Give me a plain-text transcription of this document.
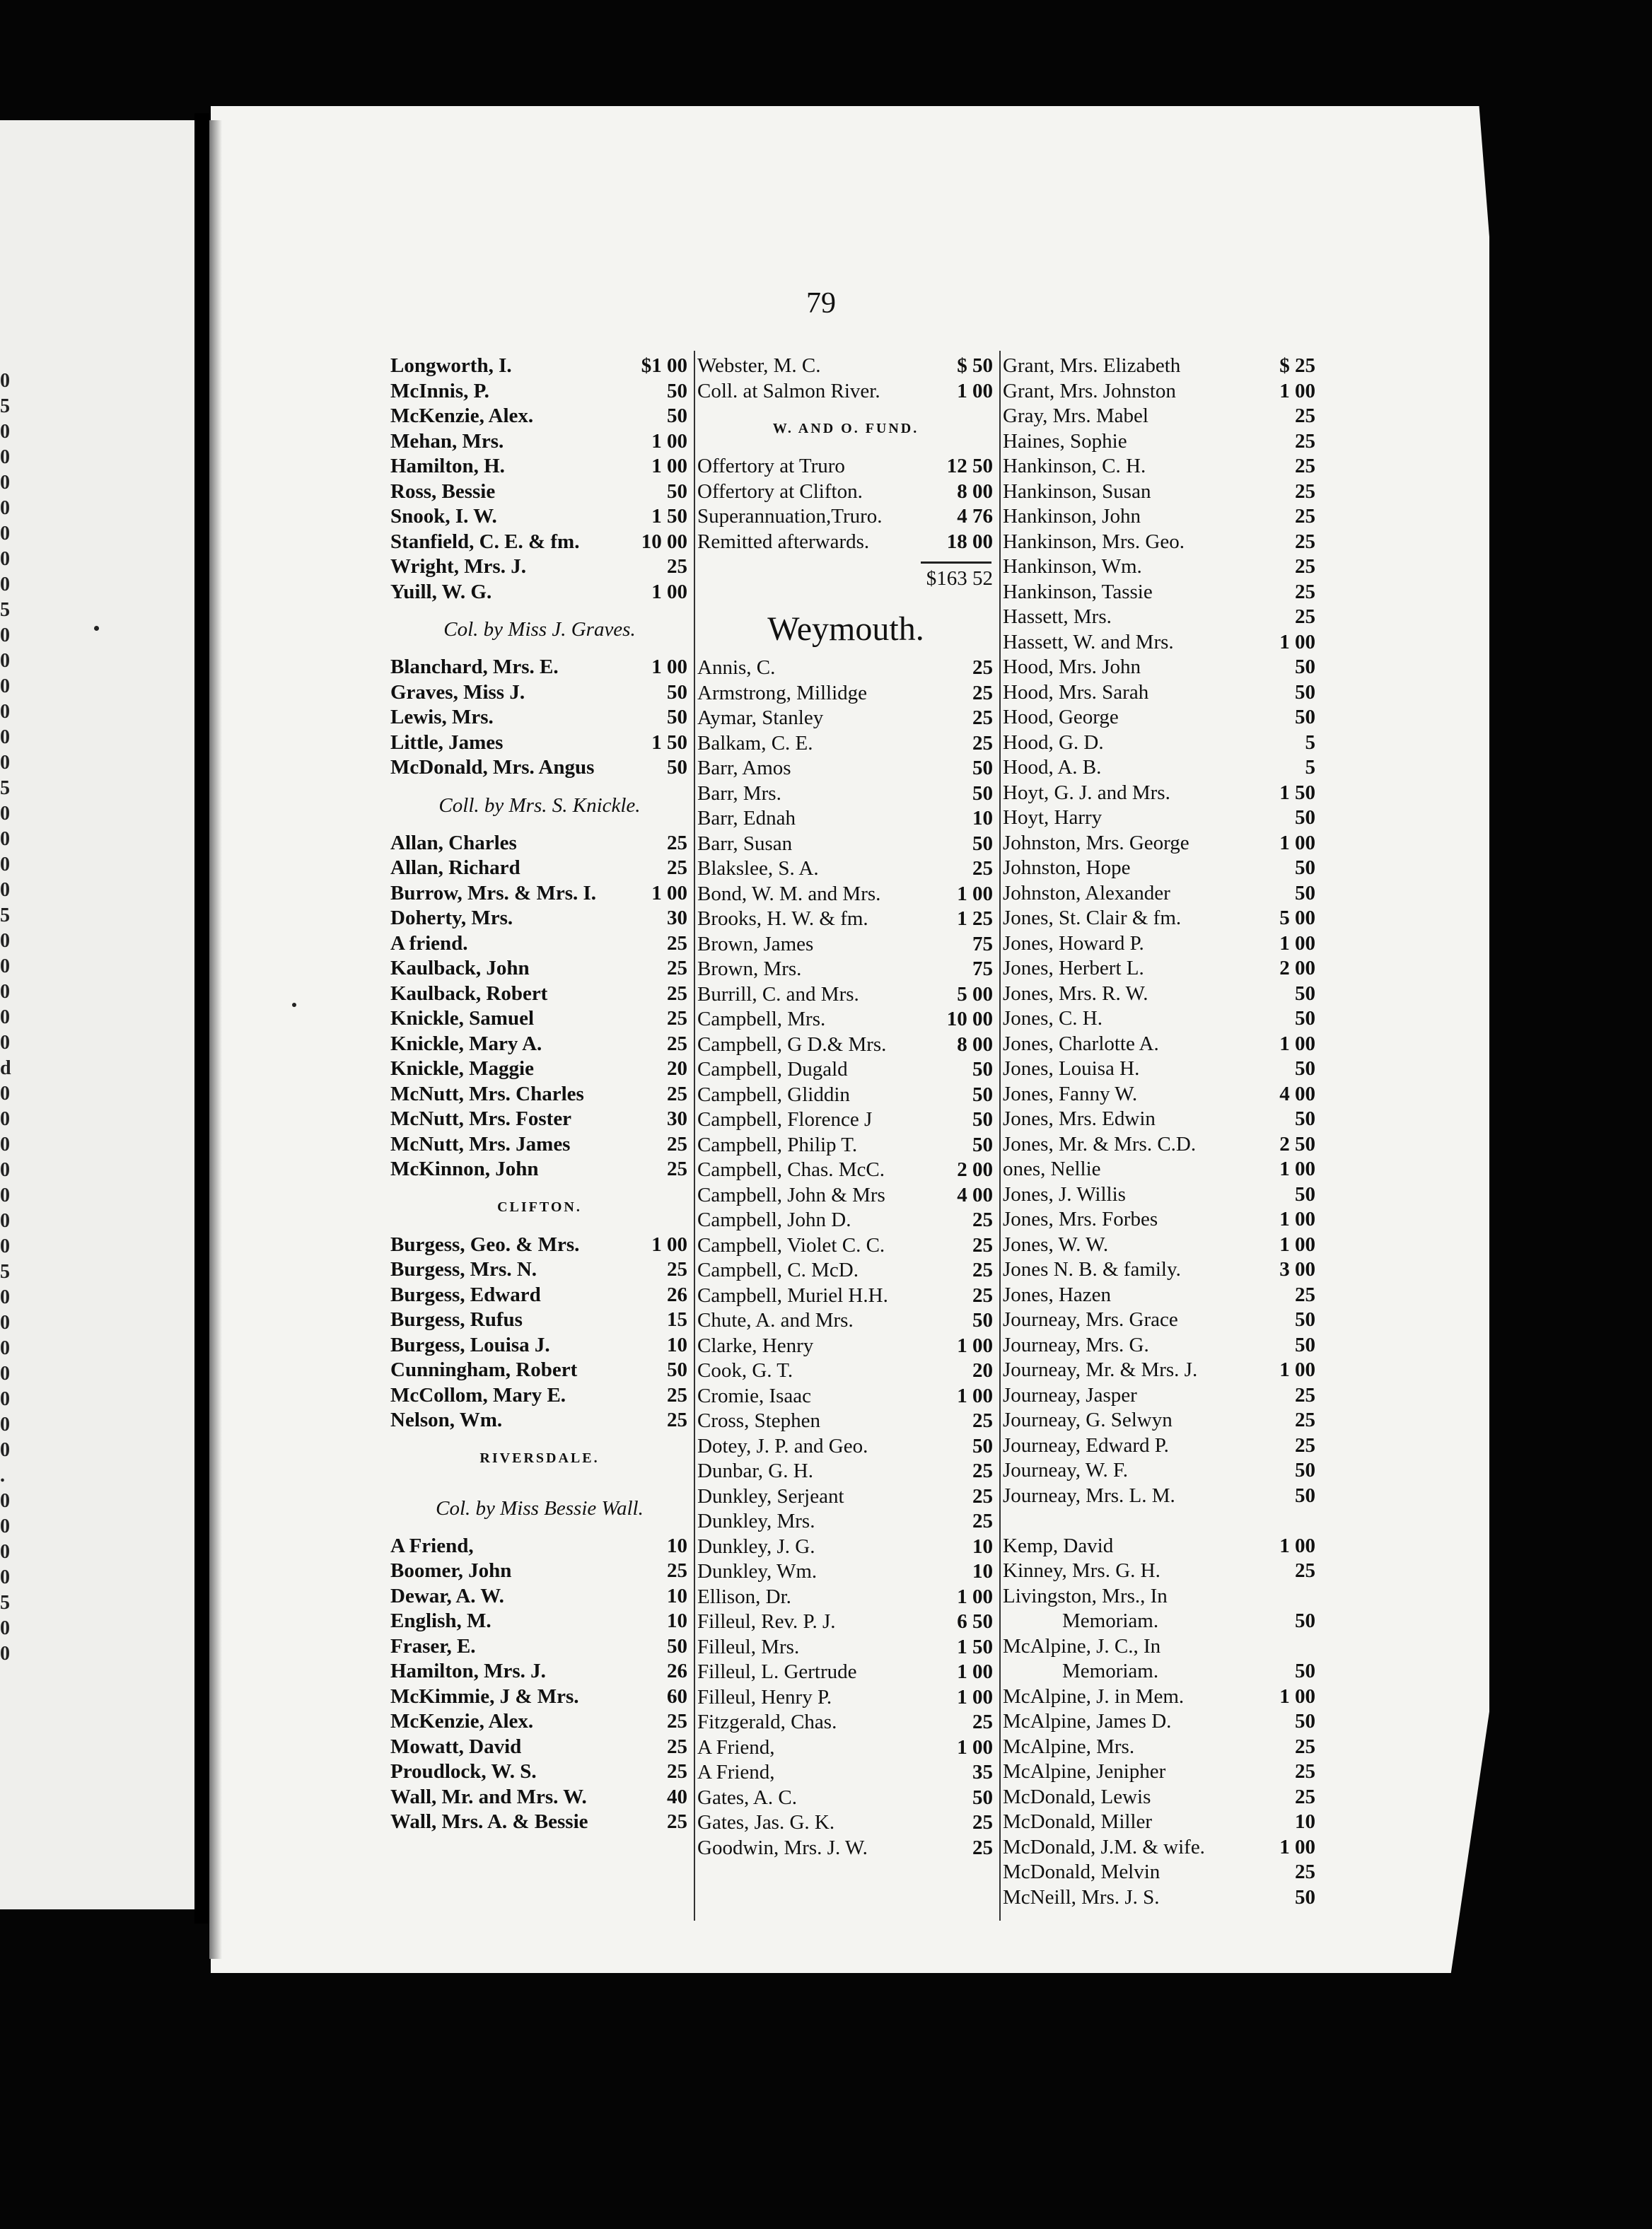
0
5
0
0
0
0
0
0
0
5
0
0
0
0
0
0
5
0
0
0
0
5
0
0
0
0
0
d
0
0
0
0
0
0
0
5
0
0
0
0
0
0
0
.
0
0
0
0
5
0
0
79
Longworth, I.	$1 00
McInnis, P.	50
McKenzie, Alex.	50
Mehan, Mrs.	1 00
Hamilton, H.	1 00
Ross, Bessie	50
Snook, I. W.	1 50
Stanfield, C. E. & fm.	10 00
Wright, Mrs. J.	25
Yuill, W. G.	1 00
Col. by Miss J. Graves.
Blanchard, Mrs. E.	1 00
Graves, Miss J.	50
Lewis, Mrs.	50
Little, James	1 50
McDonald, Mrs. Angus	50
Coll. by Mrs. S. Knickle.
Allan, Charles	25
Allan, Richard	25
Burrow, Mrs. & Mrs. I.	1 00
Doherty, Mrs.	30
A friend.	25
Kaulback, John	25
Kaulback, Robert	25
Knickle, Samuel	25
Knickle, Mary A.	25
Knickle, Maggie	20
McNutt, Mrs. Charles	25
McNutt, Mrs. Foster	30
McNutt, Mrs. James	25
McKinnon, John	25
CLIFTON.
Burgess, Geo. & Mrs.	1 00
Burgess, Mrs. N.	25
Burgess, Edward	26
Burgess, Rufus	15
Burgess, Louisa J.	10
Cunningham, Robert	50
McCollom, Mary E.	25
Nelson, Wm.	25
RIVERSDALE.
Col. by Miss Bessie Wall.
A Friend,	10
Boomer, John	25
Dewar, A. W.	10
English, M.	10
Fraser, E.	50
Hamilton, Mrs. J.	26
McKimmie, J & Mrs.	60
McKenzie, Alex.	25
Mowatt, David	25
Proudlock, W. S.	25
Wall, Mr. and Mrs. W.	40
Wall, Mrs. A. & Bessie	25
Webster, M. C.	$ 50
Coll. at Salmon River.	1 00
W. AND O. FUND.
Offertory at Truro	12 50
Offertory at Clifton.	8 00
Superannuation,Truro.	4 76
Remitted afterwards.	18 00
$163 52
Weymouth.
Annis, C.	25
Armstrong, Millidge	25
Aymar, Stanley	25
Balkam, C. E.	25
Barr, Amos	50
Barr, Mrs.	50
Barr, Ednah	10
Barr, Susan	50
Blakslee, S. A.	25
Bond, W. M. and Mrs.	1 00
Brooks, H. W. & fm.	1 25
Brown, James	75
Brown, Mrs.	75
Burrill, C. and Mrs.	5 00
Campbell, Mrs.	10 00
Campbell, G D.& Mrs.	8 00
Campbell, Dugald	50
Campbell, Gliddin	50
Campbell, Florence J	50
Campbell, Philip T.	50
Campbell, Chas. McC.	2 00
Campbell, John & Mrs	4 00
Campbell, John D.	25
Campbell, Violet C. C.	25
Campbell, C. McD.	25
Campbell, Muriel H.H.	25
Chute, A. and Mrs.	50
Clarke, Henry	1 00
Cook, G. T.	20
Cromie, Isaac	1 00
Cross, Stephen	25
Dotey, J. P. and Geo.	50
Dunbar, G. H.	25
Dunkley, Serjeant	25
Dunkley, Mrs.	25
Dunkley, J. G.	10
Dunkley, Wm.	10
Ellison, Dr.	1 00
Filleul, Rev. P. J.	6 50
Filleul, Mrs.	1 50
Filleul, L. Gertrude	1 00
Filleul, Henry P.	1 00
Fitzgerald, Chas.	25
A Friend,	1 00
A Friend,	35
Gates, A. C.	50
Gates, Jas. G. K.	25
Goodwin, Mrs. J. W.	25
Grant, Mrs. Elizabeth	$ 25
Grant, Mrs. Johnston	1 00
Gray, Mrs. Mabel	25
Haines, Sophie	25
Hankinson, C. H.	25
Hankinson, Susan	25
Hankinson, John	25
Hankinson, Mrs. Geo.	25
Hankinson, Wm.	25
Hankinson, Tassie	25
Hassett, Mrs.	25
Hassett, W. and Mrs.	1 00
Hood, Mrs. John	50
Hood, Mrs. Sarah	50
Hood, George	50
Hood, G. D.	5
Hood, A. B.	5
Hoyt, G. J. and Mrs.	1 50
Hoyt, Harry	50
Johnston, Mrs. George	1 00
Johnston, Hope	50
Johnston, Alexander	50
Jones, St. Clair & fm.	5 00
Jones, Howard P.	1 00
Jones, Herbert L.	2 00
Jones, Mrs. R. W.	50
Jones, C. H.	50
Jones, Charlotte A.	1 00
Jones, Louisa H.	50
Jones, Fanny W.	4 00
Jones, Mrs. Edwin	50
Jones, Mr. & Mrs. C.D.	2 50
ones, Nellie	1 00
Jones, J. Willis	50
Jones, Mrs. Forbes	1 00
Jones, W. W.	1 00
Jones N. B. & family.	3 00
Jones, Hazen	25
Journeay, Mrs. Grace	50
Journeay, Mrs. G.	50
Journeay, Mr. & Mrs. J.	1 00
Journeay, Jasper	25
Journeay, G. Selwyn	25
Journeay, Edward P.	25
Journeay, W. F.	50
Journeay, Mrs. L. M.	50
Kemp, David	1 00
Kinney, Mrs. G. H.	25
Livingston, Mrs., In
Memoriam.	50
McAlpine, J. C., In
Memoriam.	50
McAlpine, J. in Mem.	1 00
McAlpine, James D.	50
McAlpine, Mrs.	25
McAlpine, Jenipher	25
McDonald, Lewis	25
McDonald, Miller	10
McDonald, J.M. & wife.	1 00
McDonald, Melvin	25
McNeill, Mrs. J. S.	50
